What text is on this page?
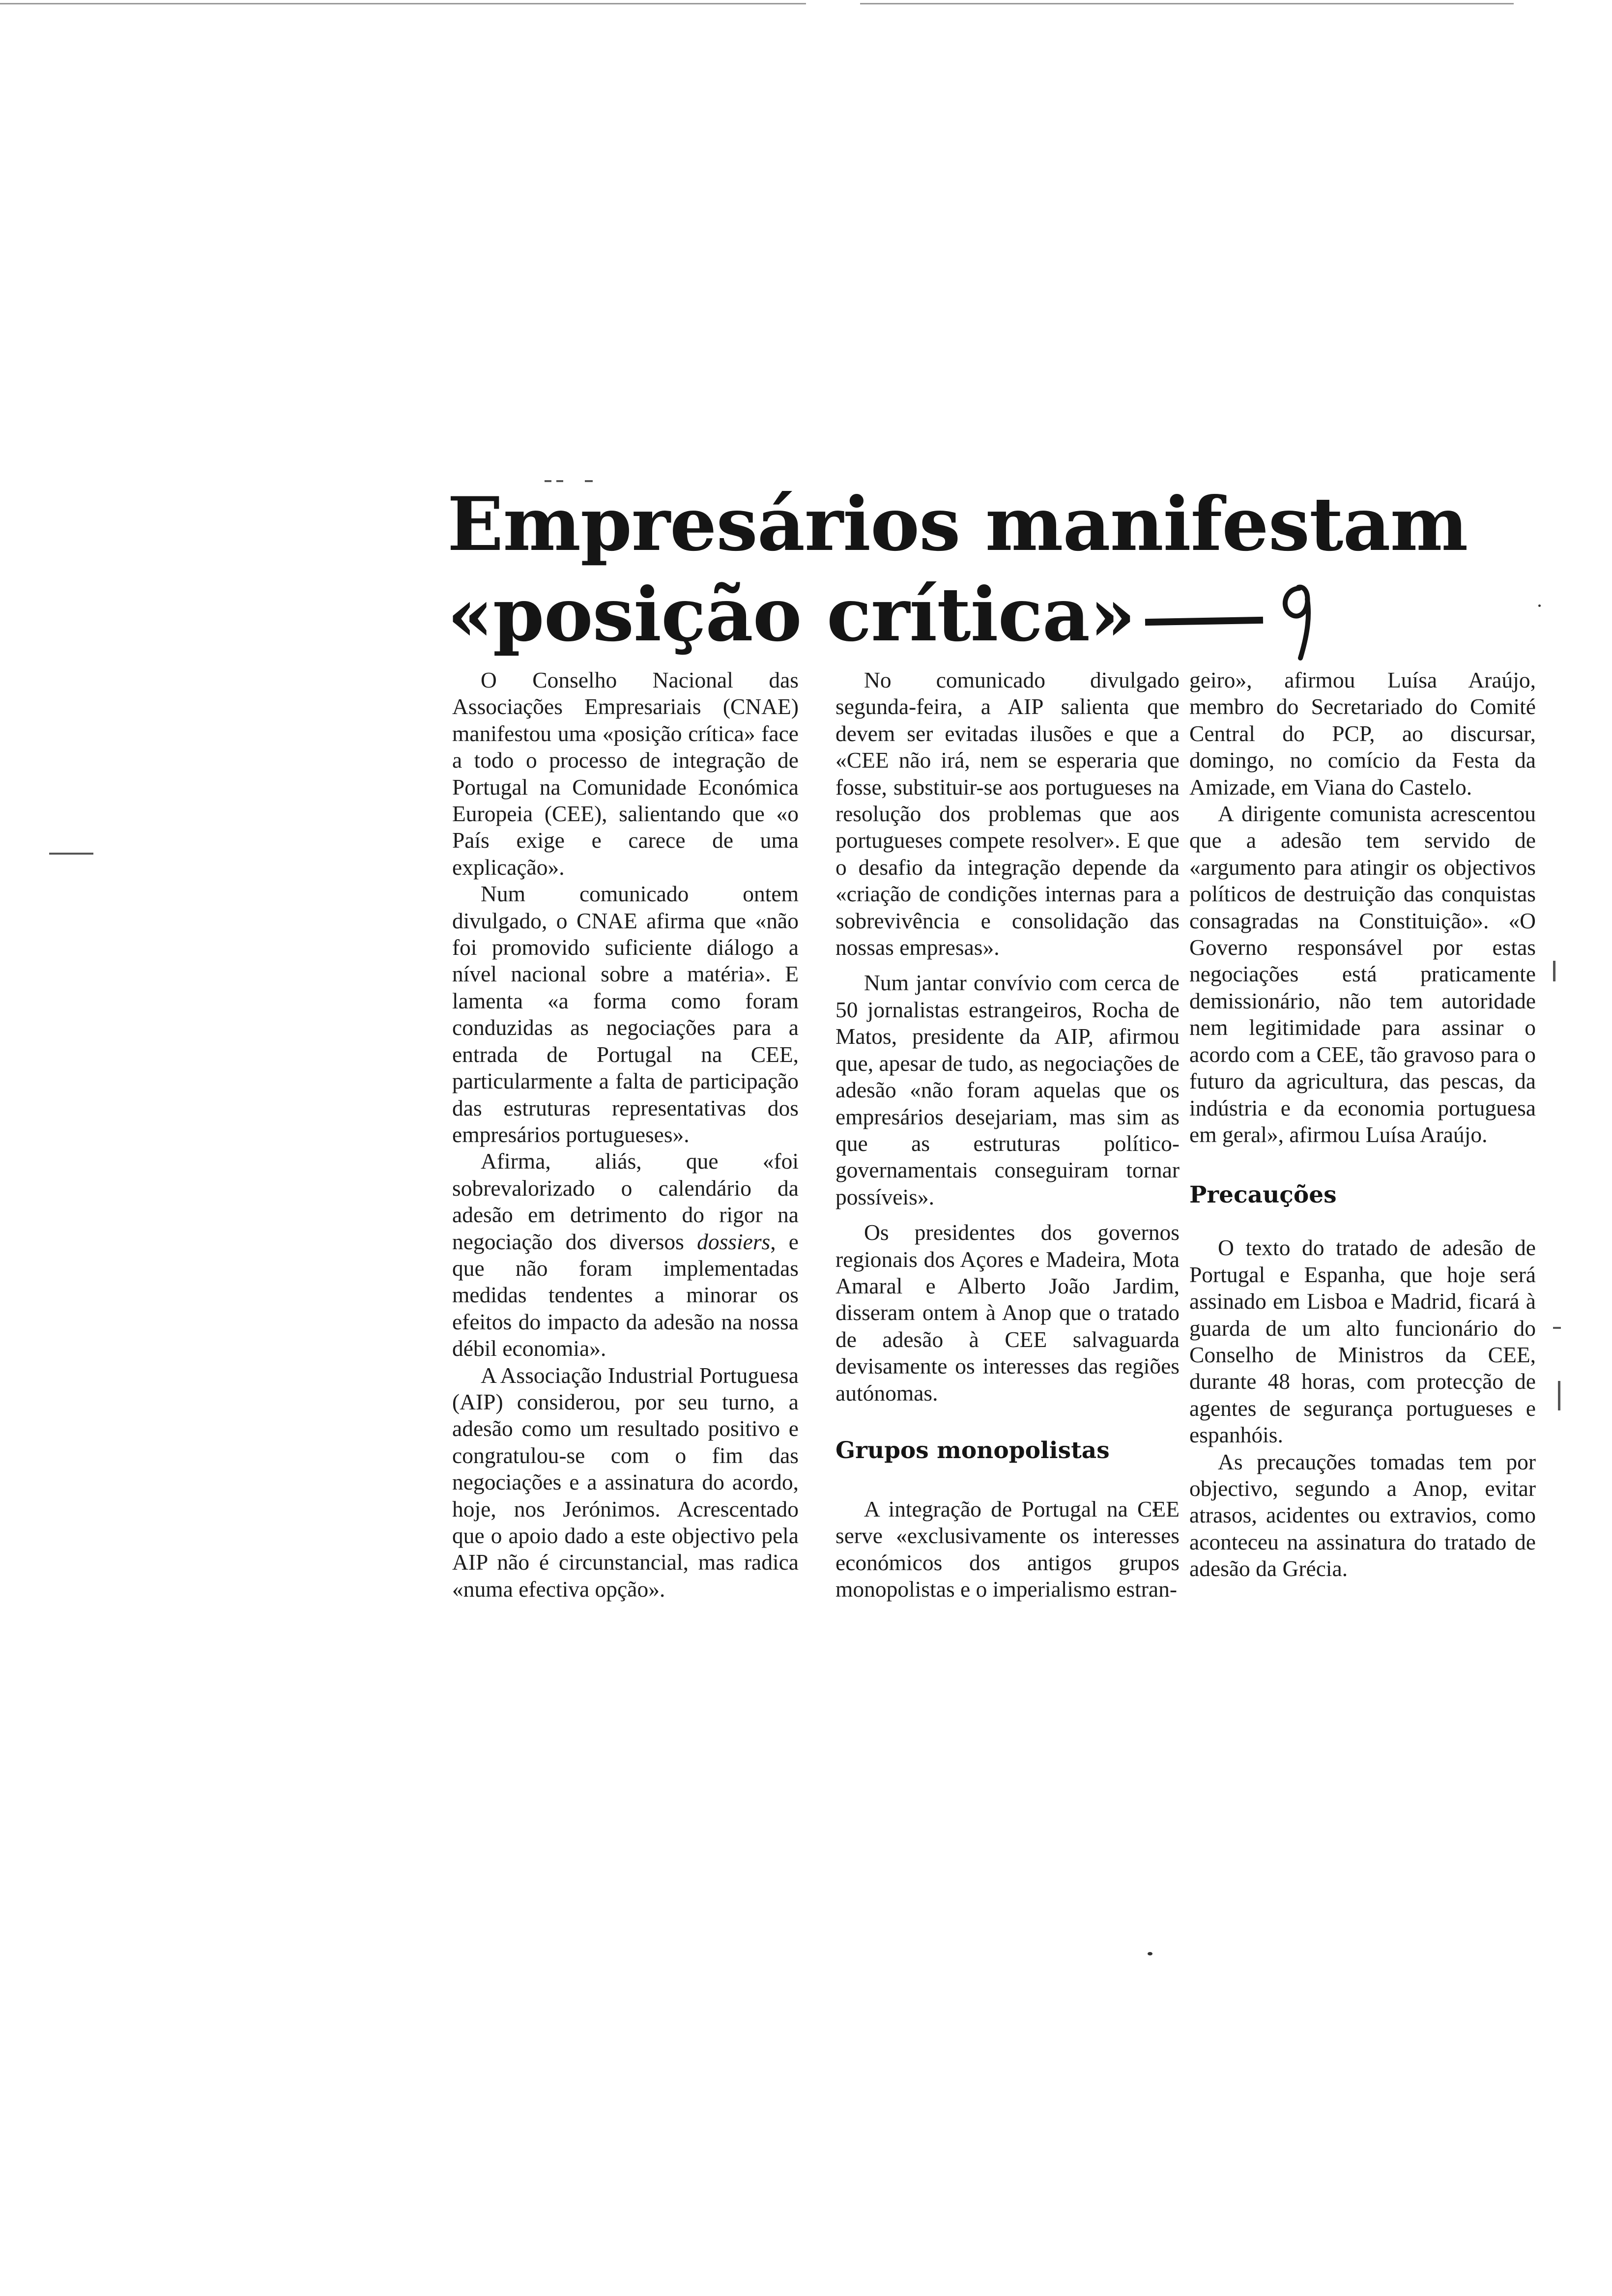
Empresários manifestam
«posição crítica»

O Conselho Nacional das Associações Empresariais (CNAE) manifestou uma «posição crítica» face a todo o processo de integração de Portugal na Comunidade Económica Europeia (CEE), salientando que «o País exige e carece de uma explicação».

Num comunicado ontem divulgado, o CNAE afirma que «não foi promovido suficiente diálogo a nível nacional sobre a matéria». E lamenta «a forma como foram conduzidas as negociações para a entrada de Portugal na CEE, particularmente a falta de participação das estruturas representativas dos empresários portugueses».

Afirma, aliás, que «foi sobrevalorizado o calendário da adesão em detrimento do rigor na negociação dos diversos dossiers, e que não foram implementadas medidas tendentes a minorar os efeitos do impacto da adesão na nossa débil economia».

A Associação Industrial Portuguesa (AIP) considerou, por seu turno, a adesão como um resultado positivo e congratulou-se com o fim das negociações e a assinatura do acordo, hoje, nos Jerónimos. Acrescentado que o apoio dado a este objectivo pela AIP não é circunstancial, mas radica «numa efectiva opção».

No comunicado divulgado segunda-feira, a AIP salienta que devem ser evitadas ilusões e que a «CEE não irá, nem se esperaria que fosse, substituir-se aos portugueses na resolução dos problemas que aos portugueses compete resolver». E que o desafio da integração depende da «criação de condições internas para a sobrevivência e consolidação das nossas empresas».

Num jantar convívio com cerca de 50 jornalistas estrangeiros, Rocha de Matos, presidente da AIP, afirmou que, apesar de tudo, as negociações de adesão «não foram aquelas que os empresários desejariam, mas sim as que as estruturas político-governamentais conseguiram tornar possíveis».

Os presidentes dos governos regionais dos Açores e Madeira, Mota Amaral e Alberto João Jardim, disseram ontem à Anop que o tratado de adesão à CEE salvaguarda devisamente os interesses das regiões autónomas.

Grupos monopolistas

A integração de Portugal na CEE serve «exclusivamente os interesses económicos dos antigos grupos monopolistas e o imperialismo estran-

geiro», afirmou Luísa Araújo, membro do Secretariado do Comité Central do PCP, ao discursar, domingo, no comício da Festa da Amizade, em Viana do Castelo.

A dirigente comunista acrescentou que a adesão tem servido de «argumento para atingir os objectivos políticos de destruição das conquistas consagradas na Constituição». «O Governo responsável por estas negociações está praticamente demissionário, não tem autoridade nem legitimidade para assinar o acordo com a CEE, tão gravoso para o futuro da agricultura, das pescas, da indústria e da economia portuguesa em geral», afirmou Luísa Araújo.

Precauções

O texto do tratado de adesão de Portugal e Espanha, que hoje será assinado em Lisboa e Madrid, ficará à guarda de um alto funcionário do Conselho de Ministros da CEE, durante 48 horas, com protecção de agentes de segurança portugueses e espanhóis.

As precauções tomadas tem por objectivo, segundo a Anop, evitar atrasos, acidentes ou extravios, como aconteceu na assinatura do tratado de adesão da Grécia.
